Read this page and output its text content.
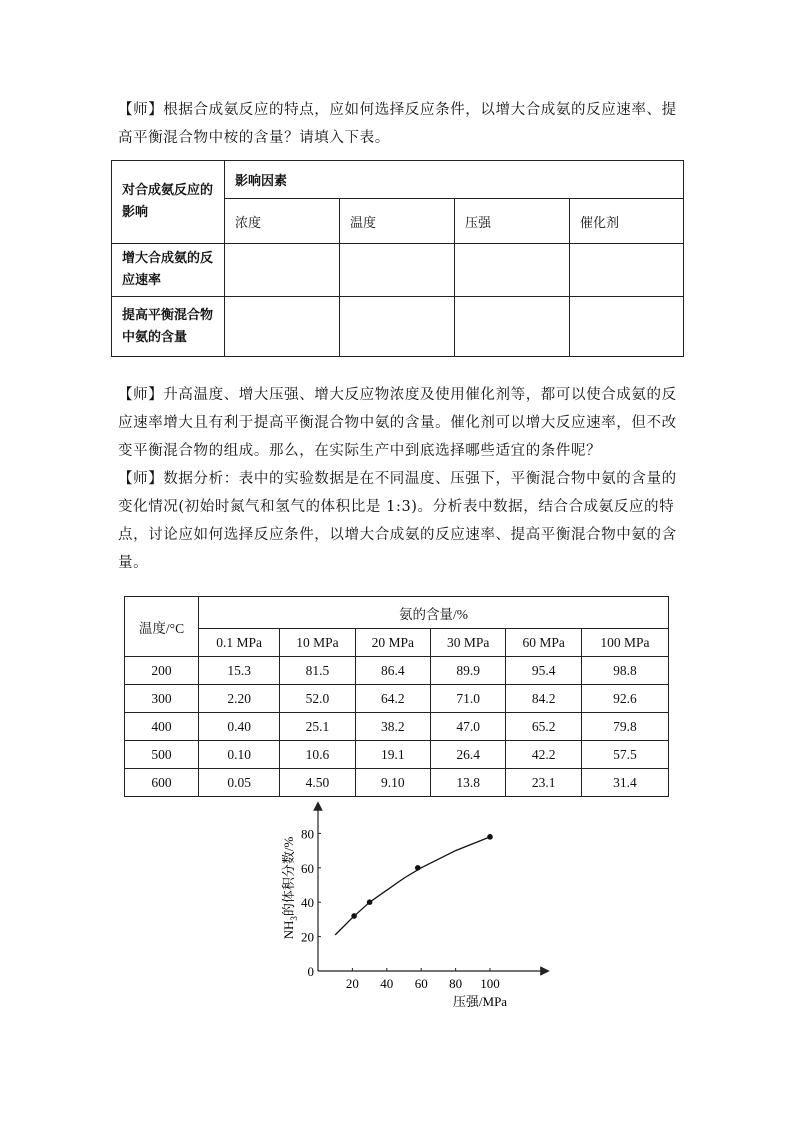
【师】根据合成氨反应的特点，应如何选择反应条件，以增大合成氨的反应速率、提高平衡混合物中桉的含量？请填入下表。

对合成氨反应的影响	影响因素			
	浓度	温度	压强	催化剂
增大合成氨的反应速率				
提高平衡混合物中氨的含量				

【师】升高温度、增大压强、增大反应物浓度及使用催化剂等，都可以使合成氨的反应速率增大且有利于提高平衡混合物中氨的含量。催化剂可以增大反应速率，但不改变平衡混合物的组成。那么，在实际生产中到底选择哪些适宜的条件呢？

【师】数据分析：表中的实验数据是在不同温度、压强下，平衡混合物中氨的含量的变化情况(初始时氮气和氢气的体积比是 1:3)。分析表中数据，结合合成氨反应的特点，讨论应如何选择反应条件，以增大合成氨的反应速率、提高平衡混合物中氨的含量。

温度/°C	氨的含量/%					
	0.1 MPa	10 MPa	20 MPa	30 MPa	60 MPa	100 MPa
200	15.3	81.5	86.4	89.9	95.4	98.8
300	2.20	52.0	64.2	71.0	84.2	92.6
400	0.40	25.1	38.2	47.0	65.2	79.8
500	0.10	10.6	19.1	26.4	42.2	57.5
600	0.05	4.50	9.10	13.8	23.1	31.4
20 40 60 80 100
0
20
40
60
80
压强/MPa
$NH_3$的体积分数/%
